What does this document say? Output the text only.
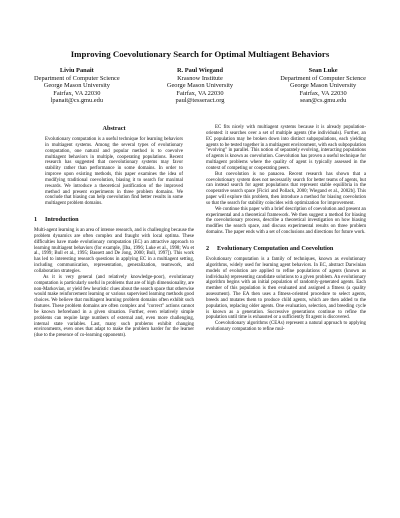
Improving Coevolutionary Search for Optimal Multiagent Behaviors
Liviu Panait
Department of Computer Science
George Mason University
Fairfax, VA 22030
lpanait@cs.gmu.edu
R. Paul Wiegand
Krasnow Institute
George Mason University
Fairfax, VA 22030
paul@tesseract.org
Sean Luke
Department of Computer Science
George Mason University
Fairfax, VA 22030
sean@cs.gmu.edu
Abstract

Evolutionary computation is a useful technique for learning behaviors in multiagent systems. Among the several types of evolutionary computation, one natural and popular method is to coevolve multiagent behaviors in multiple, cooperating populations. Recent research has suggested that coevolutionary systems may favor stability rather than performance in some domains. In order to improve upon existing methods, this paper examines the idea of modifying traditional coevolution, biasing it to search for maximal rewards. We introduce a theoretical justification of the improved method and present experiments in three problem domains. We conclude that biasing can help coevolution find better results in some multiagent problem domains.

1 Introduction

Multi-agent learning is an area of intense research, and is challenging because the problem dynamics are often complex and fraught with local optima. These difficulties have made evolutionary computation (EC) an attractive approach to learning multiagent behaviors (for example, [Iba, 1996; Luke et al., 1998; Wu et al., 1999; Bull et al., 1995; Bassett and De Jong, 2000; Bull, 1997]). This work has led to interesting research questions in applying EC in a multiagent setting, including communication, representation, generalization, teamwork, and collaboration strategies.

As it is very general (and relatively knowledge-poor), evolutionary computation is particularly useful in problems that are of high dimensionality, are non-Markovian, or yield few heuristic clues about the search space that otherwise would make reinforcement learning or various supervised learning methods good choices. We believe that multiagent learning problem domains often exhibit such features. These problem domains are often complex and "correct" actions cannot be known beforehand in a given situation. Further, even relatively simple problems can require large numbers of external and, even more challenging, internal state variables. Last, many such problems exhibit changing environments, even ones that adapt to make the problem harder for the learner (due to the presence of co-learning opponents).

EC fits nicely with multiagent systems because it is already population-oriented: it searches over a set of multiple agents (the individuals). Further, an EC population may be broken down into distinct subpopulations, each yielding agents to be tested together in a multiagent environment, with each subpopulation "evolving" in parallel. This notion of separately evolving, interacting populations of agents is known as coevolution. Coevolution has proven a useful technique for multiagent problems where the quality of agent is typically assessed in the context of competing or cooperating peers.

But coevolution is no panacea. Recent research has shown that a coevolutionary system does not necessarily search for better teams of agents, but can instead search for agent populations that represent stable equilibria in the cooperative search space [Ficici and Pollack, 2000; Wiegand et al., 2002b]. This paper will explore this problem, then introduce a method for biasing coevolution so that the search for stability coincides with optimization for improvement.

We continue this paper with a brief description of coevolution and present an experimental and a theoretical framework. We then suggest a method for biasing the coevolutionary process, describe a theoretical investigation on how biasing modifies the search space, and discuss experimental results on three problem domains. The paper ends with a set of conclusions and directions for future work.

2 Evolutionary Computation and Coevolution

Evolutionary computation is a family of techniques, known as evolutionary algorithms, widely used for learning agent behaviors. In EC, abstract Darwinian models of evolution are applied to refine populations of agents (known as individuals) representing candidate solutions to a given problem. An evolutionary algorithm begins with an initial population of randomly-generated agents. Each member of this population is then evaluated and assigned a fitness (a quality assessment). The EA then uses a fitness-oriented procedure to select agents, breeds and mutates them to produce child agents, which are then added to the population, replacing older agents. One evaluation, selection, and breeding cycle is known as a generation. Successive generations continue to refine the population until time is exhausted or a sufficiently fit agent is discovered.

Coevolutionary algorithms (CEAs) represent a natural approach to applying evolutionary computation to refine mul-
